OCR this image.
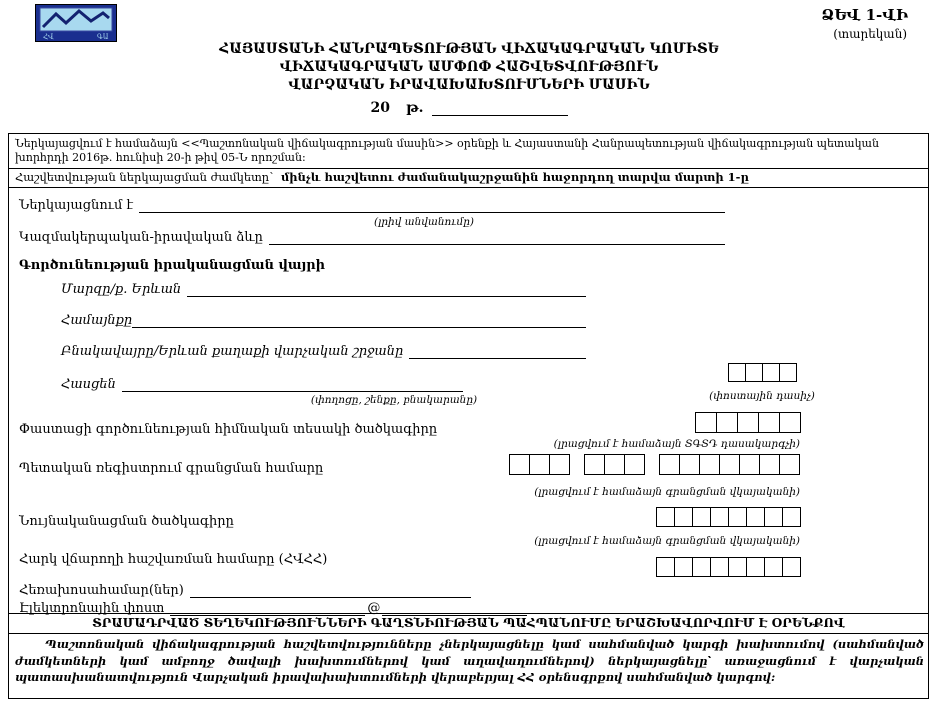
ՀՎ	ԳԱ
ՁԵՎ 1-ՎԻ
(տարեկան)
ՀԱՅԱՍՏԱՆԻ ՀԱՆՐԱՊԵՏՈՒԹՅԱՆ ՎԻՃԱԿԱԳՐԱԿԱՆ ԿՈՄԻՏԵ
ՎԻՃԱԿԱԳՐԱԿԱՆ ԱՄՓՈՓ ՀԱՇՎԵՏՎՈՒԹՅՈՒՆ
ՎԱՐՉԱԿԱՆ ԻՐԱՎԱԽԱԽՏՈՒՄՆԵՐԻ ՄԱՍԻՆ
20 թ.
Ներկայացվում է համաձայն <<Պաշտոնական վիճակագրության մասին>> օրենքի և Հայաստանի Հանրապետության վիճակագրության պետական խորհրդի 2016թ. հունիսի 20-ի թիվ 05-Ն որոշման:
Հաշվետվության ներկայացման ժամկետը՝ մինչև հաշվետու ժամանակաշրջանին հաջորդող տարվա մարտի 1-ը
Ներկայացնում է
(լրիվ անվանումը)
Կազմակերպական-իրավական ձևը
Գործունեության իրականացման վայրի
Մարզը/ք. Երևան
Համայնքը
Բնակավայրը/Երևան քաղաքի վարչական շրջանը
Հասցեն
(փողոցը, շենքը, բնակարանը)	(փոստային դասիչ)
Փաստացի գործունեության հիմնական տեսակի ծածկագիրը
(լրացվում է համաձայն ՏԳՏԴ դասակարգչի)
Պետական ռեգիստրում գրանցման համարը
(լրացվում է համաձայն գրանցման վկայականի)
Նույնականացման ծածկագիրը
(լրացվում է համաձայն գրանցման վկայականի)
Հարկ վճարողի հաշվառման համարը (ՀՎՀՀ)
Հեռախոսահամար(ներ)
Էլեկտրոնային փոստ	@
ՏՐԱՄԱԴՐՎԱԾ ՏԵՂԵԿՈՒԹՅՈՒՆՆԵՐԻ ԳԱՂՏՆԻՈՒԹՅԱՆ ՊԱՀՊԱՆՈՒՄԸ ԵՐԱՇԽԱՎՈՐՎՈՒՄ Է ՕՐԵՆՔՈՎ
Պաշտոնական վիճակագրության հաշվետվությունները չներկայացնելը կամ սահմանված կարգի խախտումով (սահմանված ժամկետների կամ ամբողջ ծավալի խախտումներով կամ աղավաղումներով) ներկայացնելը՝ առաջացնում է վարչական պատասխանատվություն Վարչական իրավախախտումների վերաբերյալ ՀՀ օրենսգրքով սահմանված կարգով:
